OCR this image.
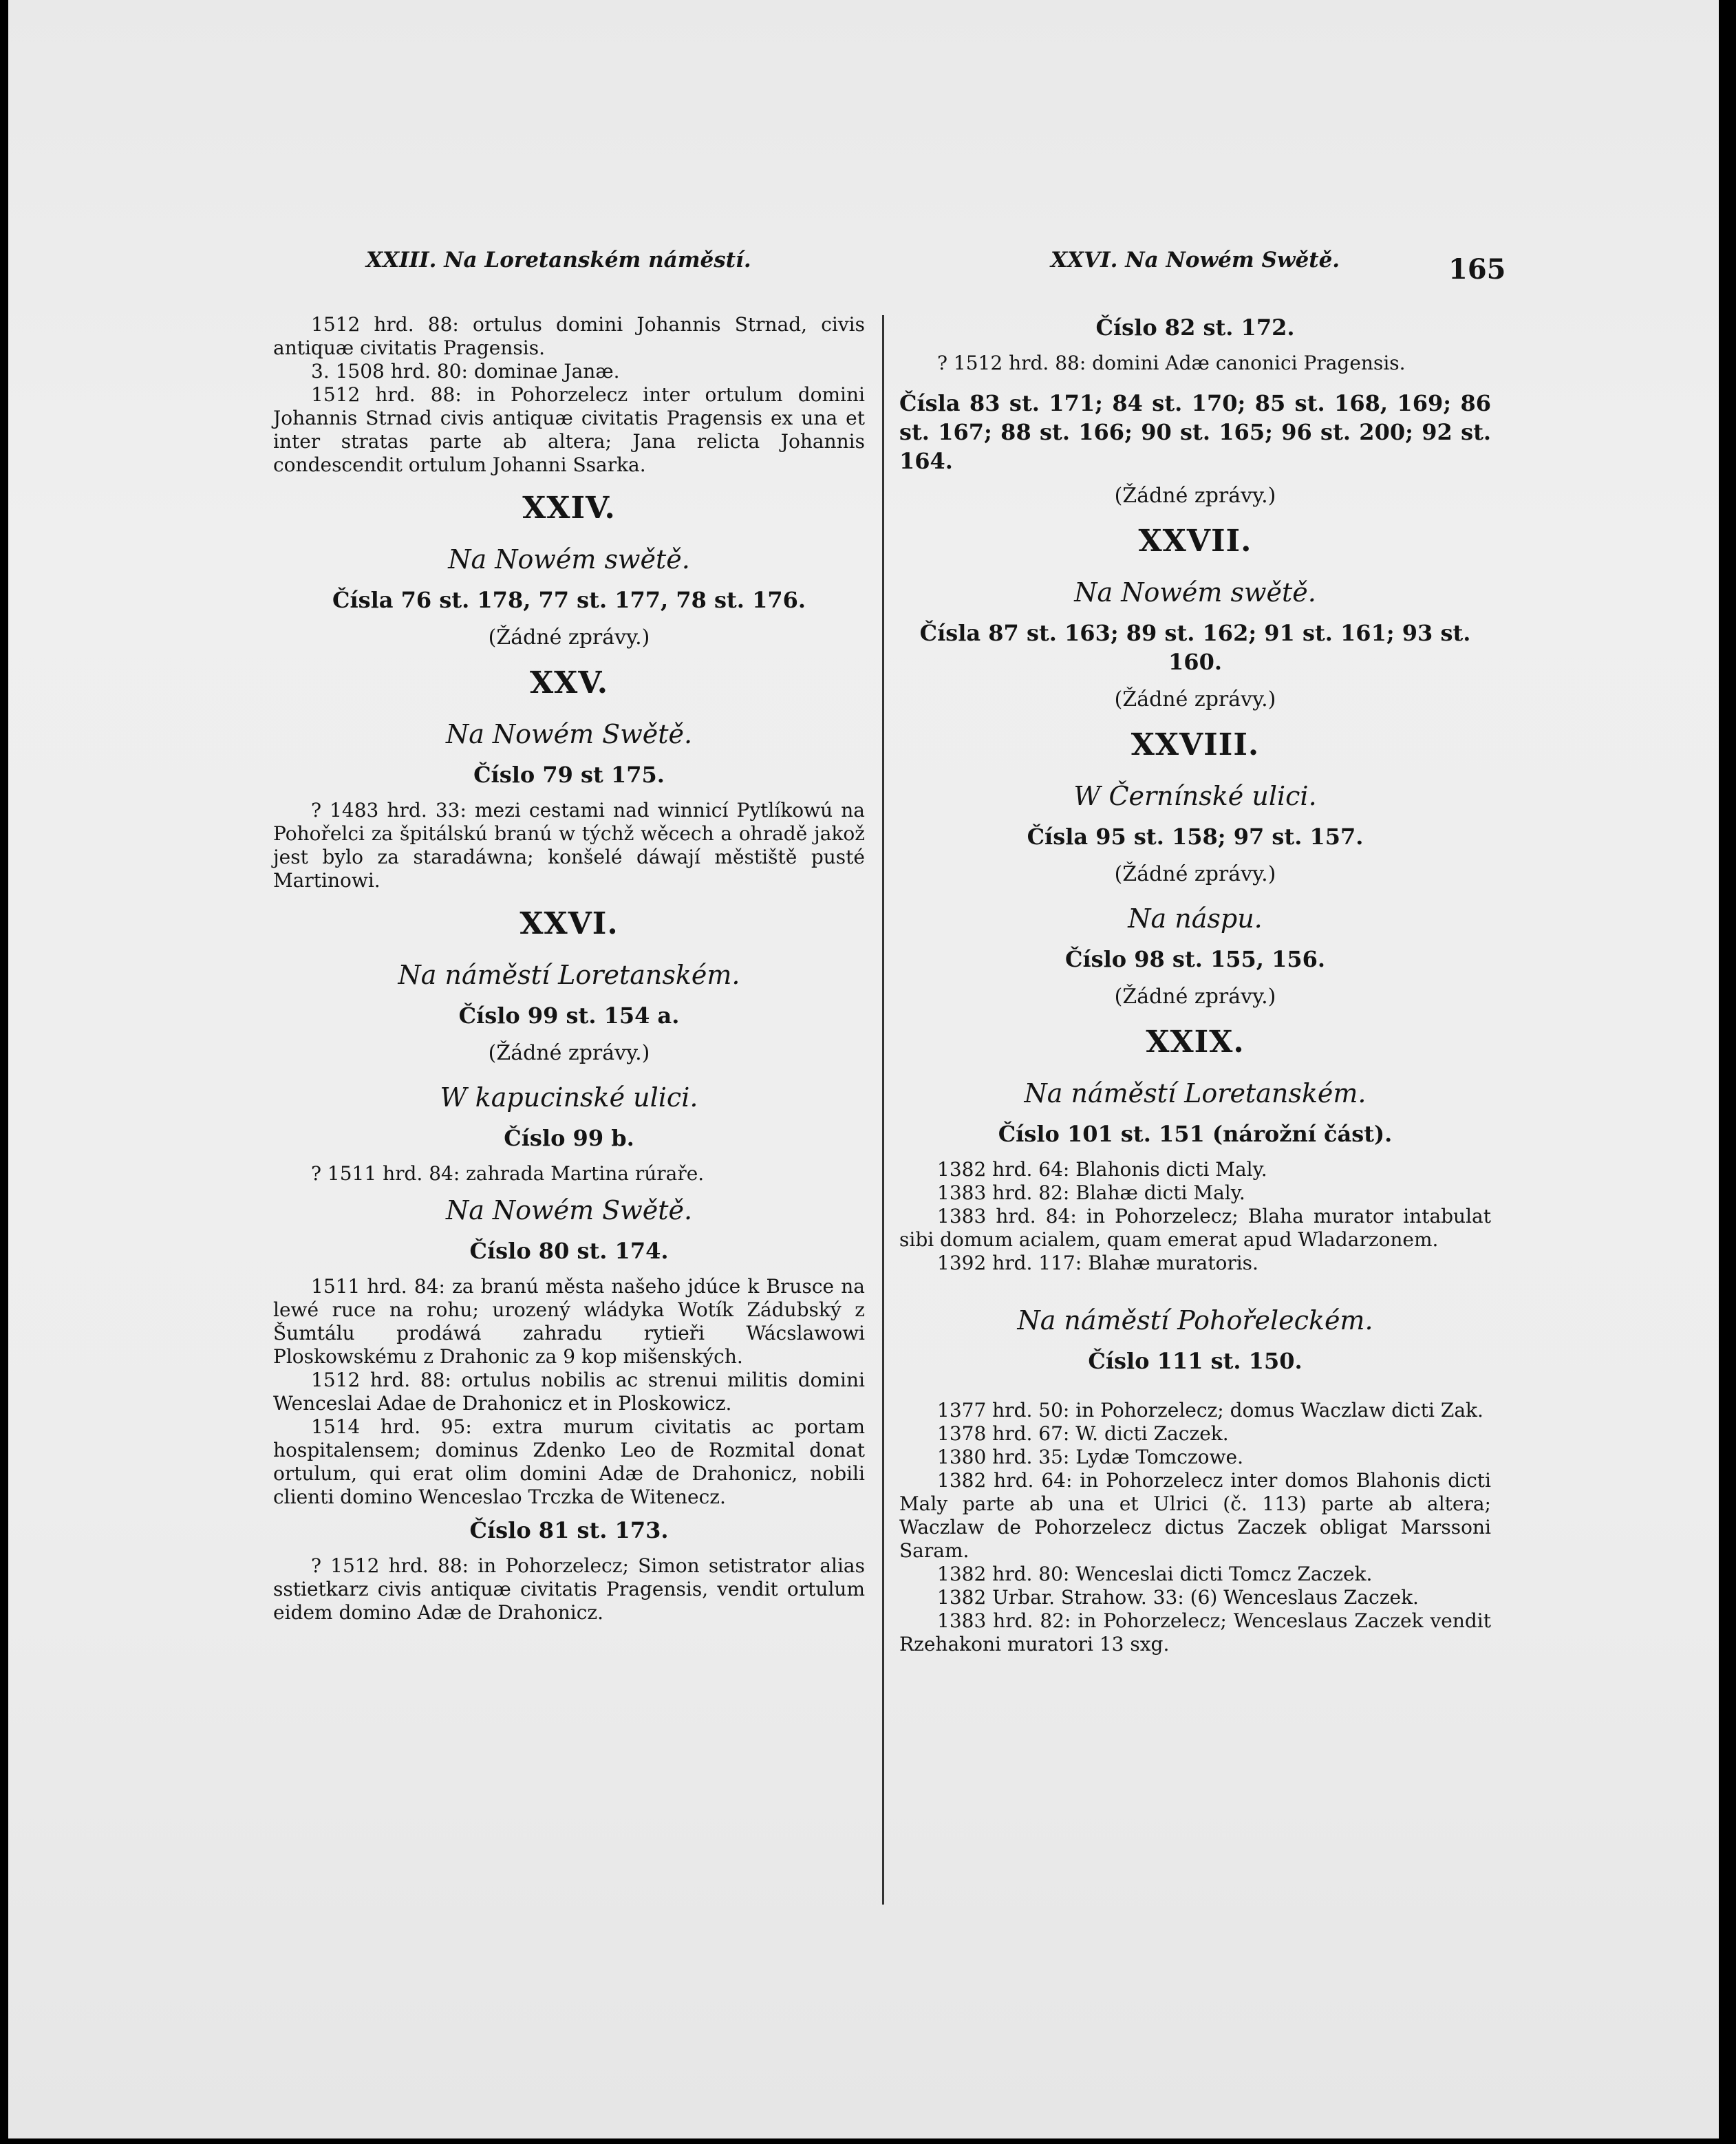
XXIII. Na Loretanském náměstí.	XXVI. Na Nowém Swětě.	165

1512 hrd. 88: ortulus domini Johannis Strnad, civis antiquæ civitatis Pragensis.

3. 1508 hrd. 80: dominae Janæ.

1512 hrd. 88: in Pohorzelecz inter ortulum domini Johannis Strnad civis antiquæ civitatis Pragensis ex una et inter stratas parte ab altera; Jana relicta Johannis condescendit ortulum Johanni Ssarka.

XXIV.
Na Nowém swětě.
Čísla 76 st. 178, 77 st. 177, 78 st. 176.
(Žádné zprávy.)
XXV.
Na Nowém Swětě.
Číslo 79 st 175.

? 1483 hrd. 33: mezi cestami nad winnicí Pytlíkowú na Pohořelci za špitálskú branú w týchž wěcech a ohradě jakož jest bylo za staradáwna; konšelé dáwají městiště pusté Martinowi.

XXVI.
Na náměstí Loretanském.
Číslo 99 st. 154 a.
(Žádné zprávy.)
W kapucinské ulici.
Číslo 99 b.

? 1511 hrd. 84: zahrada Martina rúraře.

Na Nowém Swětě.
Číslo 80 st. 174.

1511 hrd. 84: za branú města našeho jdúce k Brusce na lewé ruce na rohu; urozený wládyka Wotík Zádubský z Šumtálu prodáwá zahradu rytieři Wácslawowi Ploskowskému z Drahonic za 9 kop mišenských.

1512 hrd. 88: ortulus nobilis ac strenui militis domini Wenceslai Adae de Drahonicz et in Ploskowicz.

1514 hrd. 95: extra murum civitatis ac portam hospitalensem; dominus Zdenko Leo de Rozmital donat ortulum, qui erat olim domini Adæ de Drahonicz, nobili clienti domino Wenceslao Trczka de Witenecz.

Číslo 81 st. 173.

? 1512 hrd. 88: in Pohorzelecz; Simon setistrator alias sstietkarz civis antiquæ civitatis Pragensis, vendit ortulum eidem domino Adæ de Drahonicz.

Číslo 82 st. 172.

? 1512 hrd. 88: domini Adæ canonici Pragensis.

Čísla 83 st. 171; 84 st. 170; 85 st. 168, 169; 86
st. 167; 88 st. 166; 90 st. 165; 96 st. 200; 92 st. 164.
(Žádné zprávy.)
XXVII.
Na Nowém swětě.
Čísla 87 st. 163; 89 st. 162; 91 st. 161; 93 st. 160.
(Žádné zprávy.)
XXVIII.
W Černínské ulici.
Čísla 95 st. 158; 97 st. 157.
(Žádné zprávy.)
Na náspu.
Číslo 98 st. 155, 156.
(Žádné zprávy.)
XXIX.
Na náměstí Loretanském.
Číslo 101 st. 151 (nárožní část).

1382 hrd. 64: Blahonis dicti Maly.

1383 hrd. 82: Blahæ dicti Maly.

1383 hrd. 84: in Pohorzelecz; Blaha murator intabulat sibi domum acialem, quam emerat apud Wladarzonem.

1392 hrd. 117: Blahæ muratoris.

Na náměstí Pohořeleckém.
Číslo 111 st. 150.

1377 hrd. 50: in Pohorzelecz; domus Waczlaw dicti Zak.

1378 hrd. 67: W. dicti Zaczek.

1380 hrd. 35: Lydæ Tomczowe.

1382 hrd. 64: in Pohorzelecz inter domos Blahonis dicti Maly parte ab una et Ulrici (č. 113) parte ab altera; Waczlaw de Pohorzelecz dictus Zaczek obligat Marssoni Saram.

1382 hrd. 80: Wenceslai dicti Tomcz Zaczek.

1382 Urbar. Strahow. 33: (6) Wenceslaus Zaczek.

1383 hrd. 82: in Pohorzelecz; Wenceslaus Zaczek vendit Rzehakoni muratori 13 sxg.
